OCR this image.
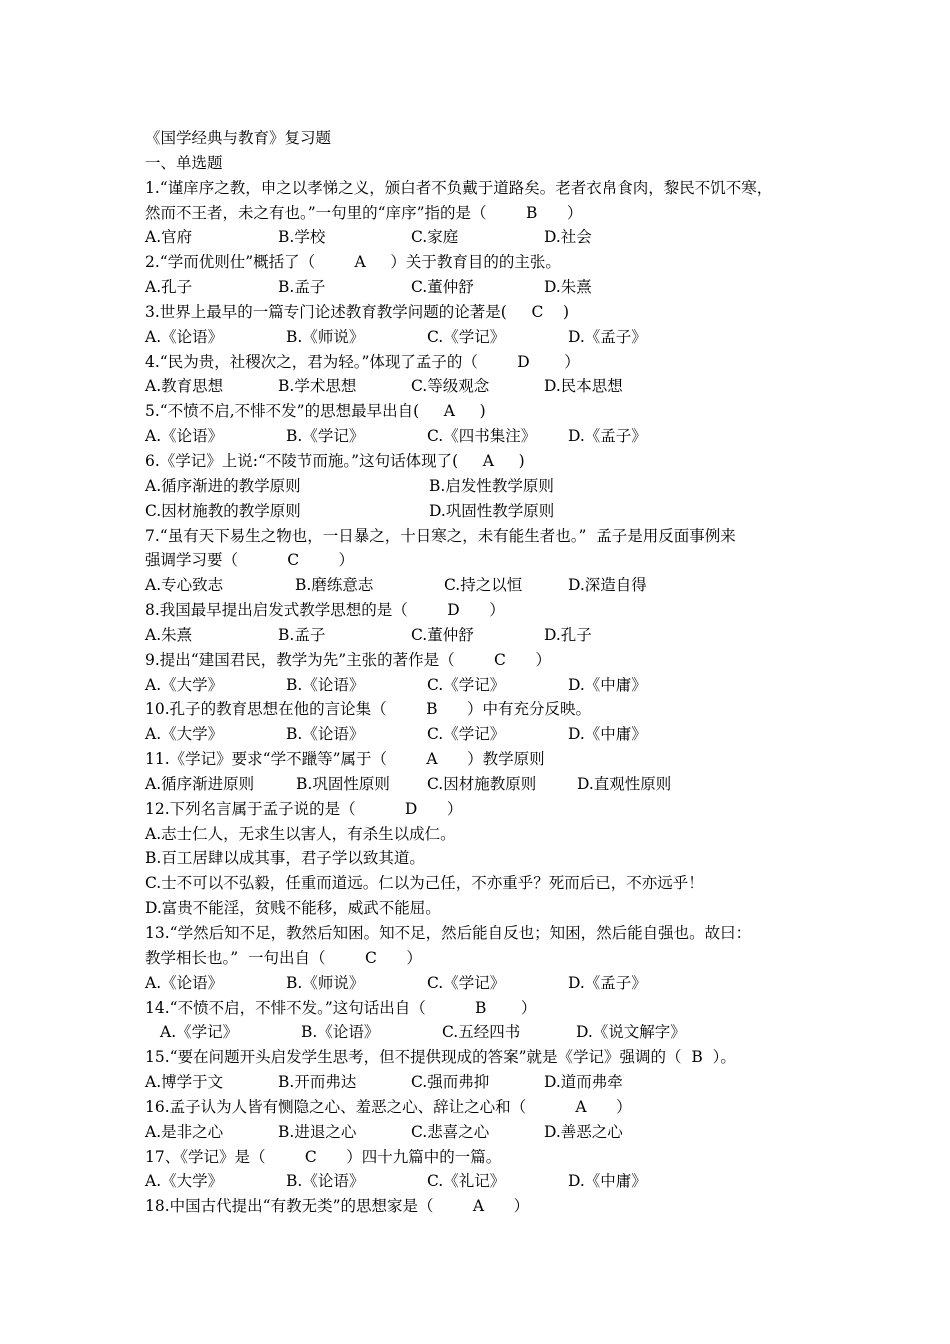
《国学经典与教育》复习题
一、单选题
1.“谨庠序之教，申之以孝悌之义，颁白者不负戴于道路矣。老者衣帛食肉，黎民不饥不寒，
然而不王者，未之有也。”一句里的“庠序”指的是（        B      ）
A.官府	B.学校	C.家庭	D.社会
2.“学而优则仕”概括了（        A     ）关于教育目的的主张。
A.孔子	B.孟子	C.董仲舒	D.朱熹
3.世界上最早的一篇专门论述教育教学问题的论著是(     C    )
A.《论语》	B.《师说》	C.《学记》	D.《孟子》
4.“民为贵，社稷次之，君为轻。”体现了孟子的（        D       ）
A.教育思想	B.学术思想	C.等级观念	D.民本思想
5.“不愤不启,不悱不发”的思想最早出自(     A     )
A.《论语》	B.《学记》	C.《四书集注》 D.《孟子》
6.《学记》上说:“不陵节而施。”这句话体现了(     A     )
A.循序渐进的教学原则	B.启发性教学原则
C.因材施教的教学原则	D.巩固性教学原则
7.“虽有天下易生之物也，一日暴之，十日寒之，未有能生者也。”  孟子是用反面事例来
强调学习要（          C        ）
A.专心致志	B.磨练意志	C.持之以恒	D.深造自得
8.我国最早提出启发式教学思想的是（        D      ）
A.朱熹	B.孟子	C.董仲舒	D.孔子
9.提出“建国君民，教学为先”主张的著作是（        C      ）
A.《大学》	B.《论语》	C.《学记》	D.《中庸》
10.孔子的教育思想在他的言论集（        B      ）中有充分反映。
A.《大学》	B.《论语》	C.《学记》	D.《中庸》
11.《学记》要求“学不躐等”属于（        A      ）教学原则
A.循序渐进原则	B.巩固性原则 C.因材施教原则	D.直观性原则
12.下列名言属于孟子说的是（          D      ）
A.志士仁人，无求生以害人，有杀生以成仁。
B.百工居肆以成其事，君子学以致其道。
C.士不可以不弘毅，任重而道远。仁以为己任，不亦重乎？死而后已，不亦远乎！
D.富贵不能淫，贫贱不能移，威武不能屈。
13.“学然后知不足，教然后知困。知不足，然后能自反也；知困，然后能自强也。故曰：
教学相长也。”  一句出自（        C      ）
A.《论语》	B.《师说》	C.《学记》	D.《孟子》
14.“不愤不启，不悱不发。”这句话出自（          B       ）
A.《学记》	B.《论语》	C.五经四书	D.《说文解字》
15.“要在问题开头启发学生思考，但不提供现成的答案”就是《学记》强调的（  B  ）。
A.博学于文	B.开而弗达	C.强而弗抑	D.道而弗牵
16.孟子认为人皆有恻隐之心、羞恶之心、辞让之心和（          A      ）
A.是非之心	B.进退之心	C.悲喜之心	D.善恶之心
17、《学记》是（        C      ）四十九篇中的一篇。
A.《大学》	B.《论语》	C.《礼记》	D.《中庸》
18.中国古代提出“有教无类”的思想家是（        A      ）
